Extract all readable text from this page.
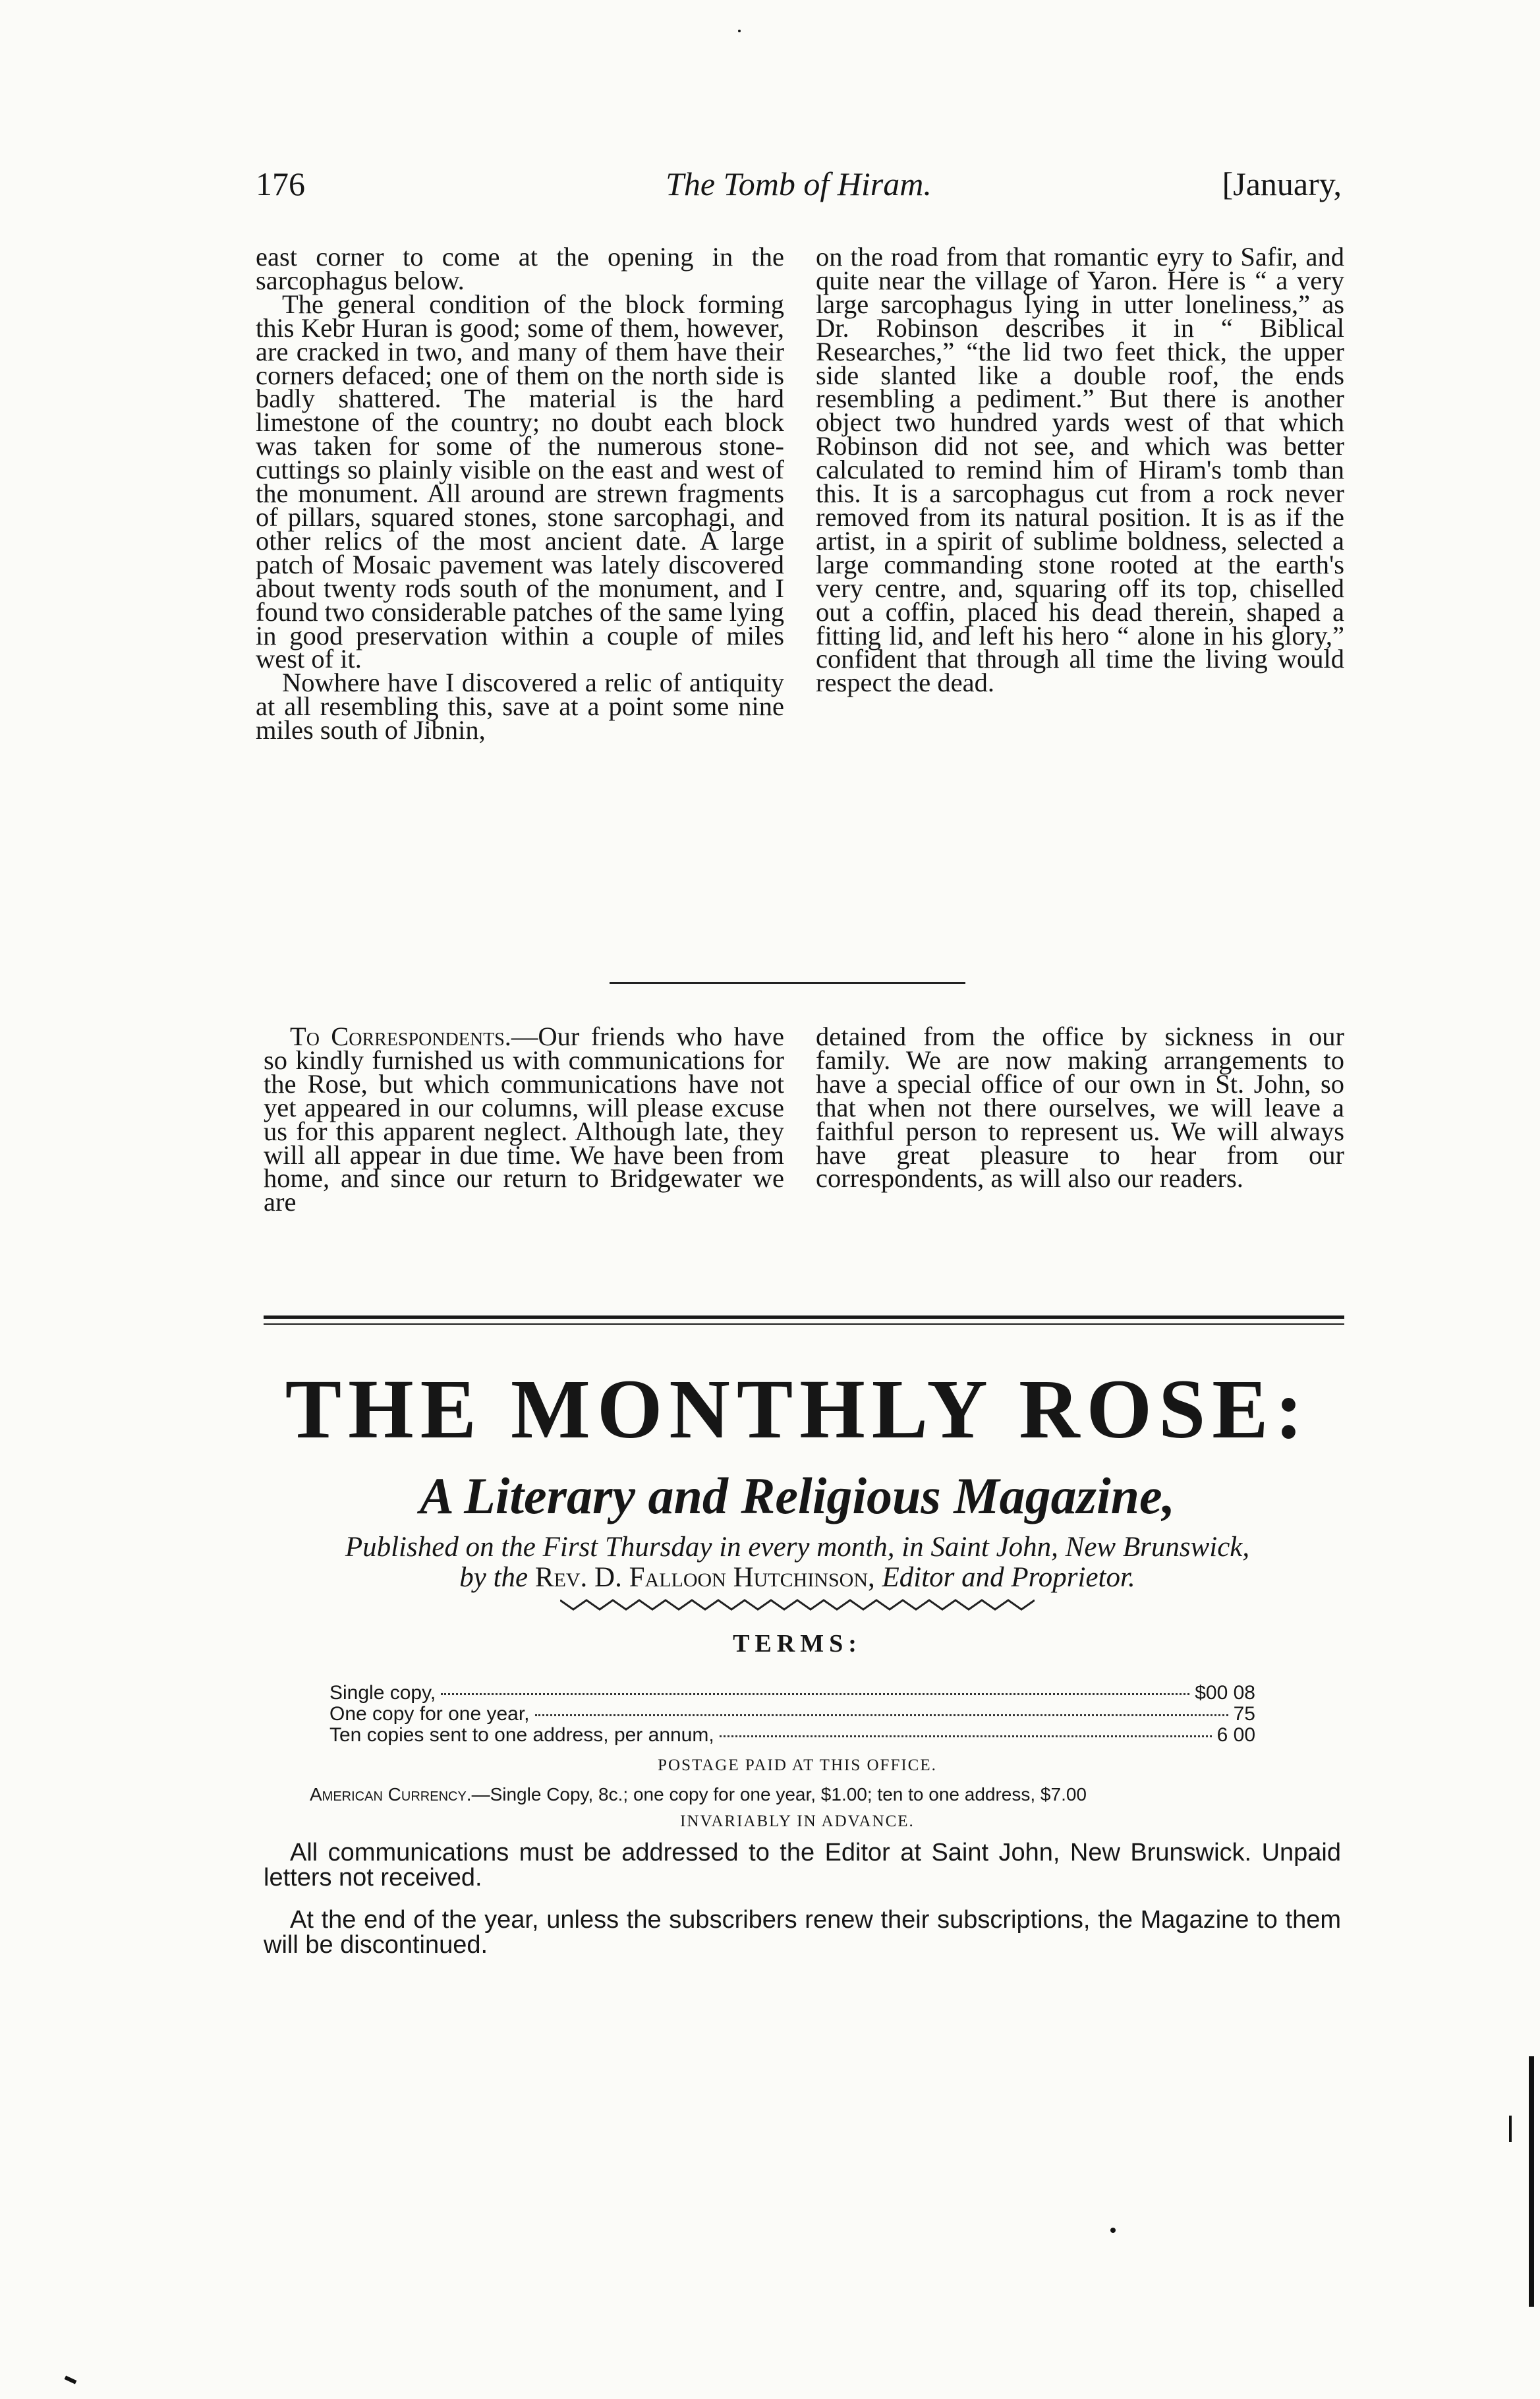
176	The Tomb of Hiram.	[January,

east corner to come at the opening in the sarcophagus below.

The general condition of the block forming this Kebr Huran is good; some of them, however, are cracked in two, and many of them have their corners defaced; one of them on the north side is badly shattered. The material is the hard limestone of the country; no doubt each block was taken for some of the numerous stone-cuttings so plainly visible on the east and west of the monument. All around are strewn fragments of pillars, squared stones, stone sarcophagi, and other relics of the most ancient date. A large patch of Mosaic pavement was lately discovered about twenty rods south of the monument, and I found two considerable patches of the same lying in good preservation within a couple of miles west of it.

Nowhere have I discovered a relic of antiquity at all resembling this, save at a point some nine miles south of Jibnin,

on the road from that romantic eyry to Safir, and quite near the village of Yaron. Here is “ a very large sarcophagus lying in utter loneliness,” as Dr. Robinson describes it in “ Biblical Researches,” “the lid two feet thick, the upper side slanted like a double roof, the ends resembling a pediment.” But there is another object two hundred yards west of that which Robinson did not see, and which was better calculated to remind him of Hiram's tomb than this. It is a sarcophagus cut from a rock never removed from its natural position. It is as if the artist, in a spirit of sublime boldness, selected a large commanding stone rooted at the earth's very centre, and, squaring off its top, chiselled out a coffin, placed his dead therein, shaped a fitting lid, and left his hero “ alone in his glory,” confident that through all time the living would respect the dead.

To Correspondents.—Our friends who have so kindly furnished us with communications for the Rose, but which communications have not yet appeared in our columns, will please excuse us for this apparent neglect. Although late, they will all appear in due time. We have been from home, and since our return to Bridgewater we are

detained from the office by sickness in our family. We are now making arrangements to have a special office of our own in St. John, so that when not there ourselves, we will leave a faithful person to represent us. We will always have great pleasure to hear from our correspondents, as will also our readers.

THE MONTHLY ROSE:
A Literary and Religious Magazine,
Published on the First Thursday in every month, in Saint John, New Brunswick,
by the Rev. D. Falloon Hutchinson, Editor and Proprietor.
TERMS:
Single copy,	$00 08
One copy for one year,	75
Ten copies sent to one address, per annum,	6 00
POSTAGE PAID AT THIS OFFICE.
American Currency.—Single Copy, 8c.; one copy for one year, $1.00; ten to one address, $7.00
INVARIABLY IN ADVANCE.
All communications must be addressed to the Editor at Saint John, New Brunswick. Unpaid letters not received.
At the end of the year, unless the subscribers renew their subscriptions, the Magazine to them will be discontinued.
